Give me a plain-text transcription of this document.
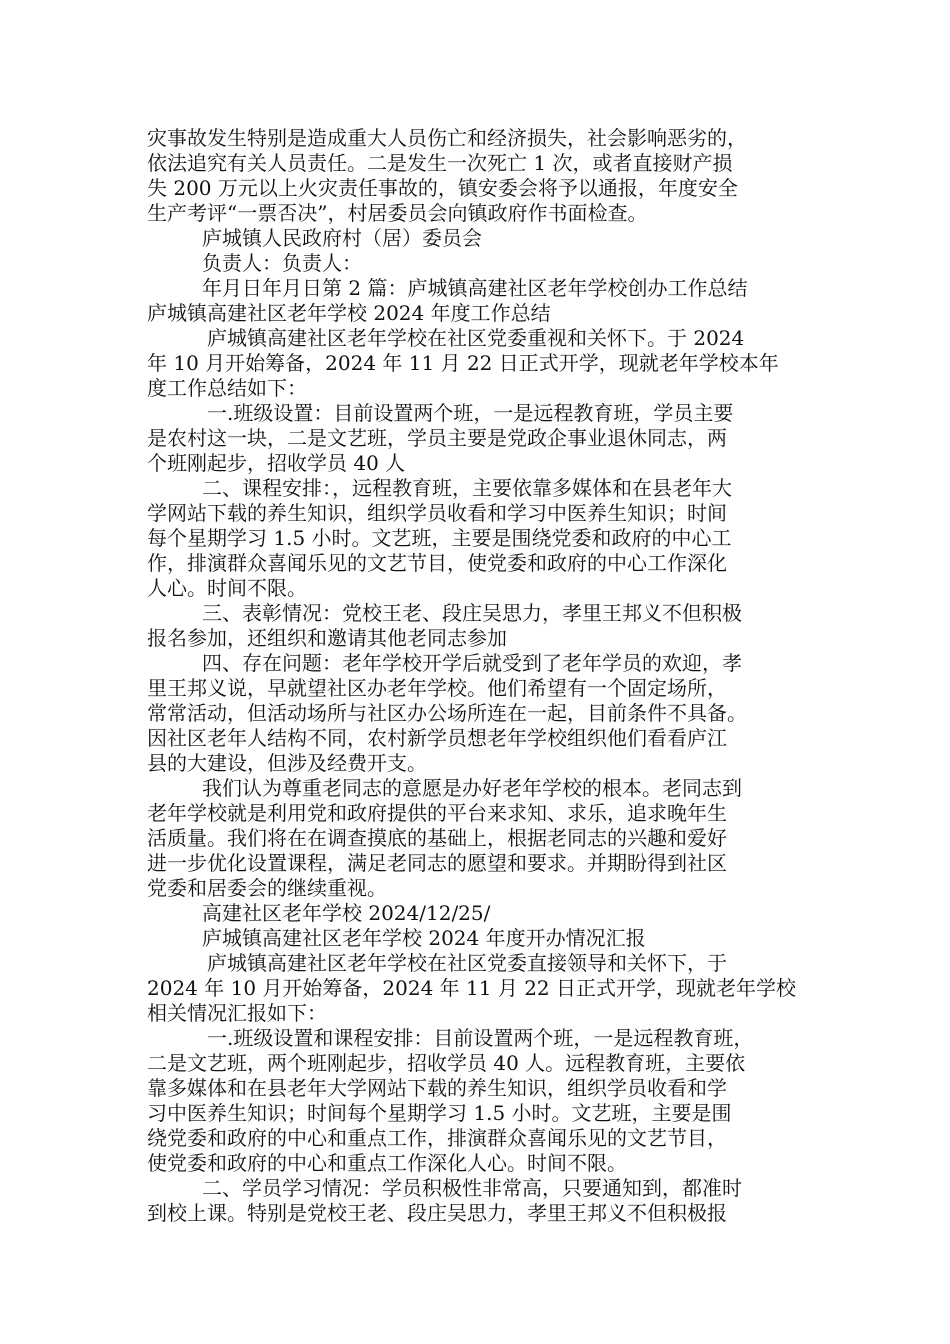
灾事故发生特别是造成重大人员伤亡和经济损失，社会影响恶劣的，
依法追究有关人员责任。二是发生一次死亡 1 次，或者直接财产损
失 200 万元以上火灾责任事故的，镇安委会将予以通报，年度安全
生产考评“一票否决”，村居委员会向镇政府作书面检查。
庐城镇人民政府村（居）委员会
负责人：负责人：
年月日年月日第 2 篇：庐城镇高建社区老年学校创办工作总结
庐城镇高建社区老年学校 2024 年度工作总结
庐城镇高建社区老年学校在社区党委重视和关怀下。于 2024
年 10 月开始筹备，2024 年 11 月 22 日正式开学，现就老年学校本年
度工作总结如下：
一.班级设置：目前设置两个班，一是远程教育班，学员主要
是农村这一块，二是文艺班，学员主要是党政企事业退休同志，两
个班刚起步，招收学员 40 人
二、课程安排：，远程教育班，主要依靠多媒体和在县老年大
学网站下载的养生知识，组织学员收看和学习中医养生知识；时间
每个星期学习 1.5 小时。文艺班，主要是围绕党委和政府的中心工
作，排演群众喜闻乐见的文艺节目，使党委和政府的中心工作深化
人心。时间不限。
三、表彰情况：党校王老、段庄吴思力，孝里王邦义不但积极
报名参加，还组织和邀请其他老同志参加
四、存在问题：老年学校开学后就受到了老年学员的欢迎，孝
里王邦义说，早就望社区办老年学校。他们希望有一个固定场所，
常常活动，但活动场所与社区办公场所连在一起，目前条件不具备。
因社区老年人结构不同，农村新学员想老年学校组织他们看看庐江
县的大建设，但涉及经费开支。
我们认为尊重老同志的意愿是办好老年学校的根本。老同志到
老年学校就是利用党和政府提供的平台来求知、求乐，追求晚年生
活质量。我们将在在调查摸底的基础上，根据老同志的兴趣和爱好
进一步优化设置课程，满足老同志的愿望和要求。并期盼得到社区
党委和居委会的继续重视。
高建社区老年学校 2024/12/25/
庐城镇高建社区老年学校 2024 年度开办情况汇报
庐城镇高建社区老年学校在社区党委直接领导和关怀下，于
2024 年 10 月开始筹备，2024 年 11 月 22 日正式开学，现就老年学校
相关情况汇报如下：
一.班级设置和课程安排：目前设置两个班，一是远程教育班，
二是文艺班，两个班刚起步，招收学员 40 人。远程教育班，主要依
靠多媒体和在县老年大学网站下载的养生知识，组织学员收看和学
习中医养生知识；时间每个星期学习 1.5 小时。文艺班，主要是围
绕党委和政府的中心和重点工作，排演群众喜闻乐见的文艺节目，
使党委和政府的中心和重点工作深化人心。时间不限。
二、学员学习情况：学员积极性非常高，只要通知到，都准时
到校上课。特别是党校王老、段庄吴思力，孝里王邦义不但积极报
